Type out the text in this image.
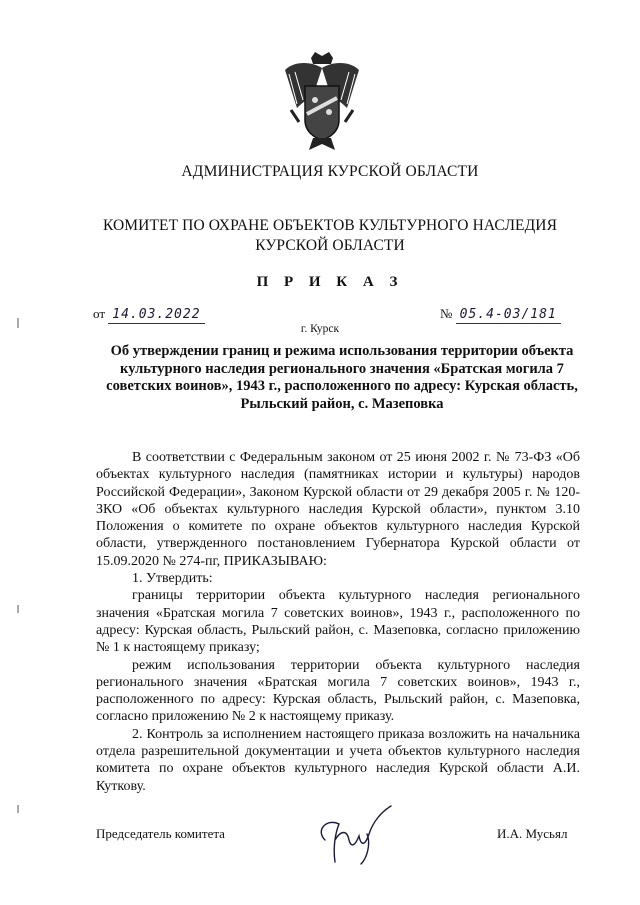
АДМИНИСТРАЦИЯ КУРСКОЙ ОБЛАСТИ
КОМИТЕТ ПО ОХРАНЕ ОБЪЕКТОВ КУЛЬТУРНОГО НАСЛЕДИЯ
КУРСКОЙ ОБЛАСТИ
П Р И К А З
от 14.03.2022	№ 05.4-03/181
г. Курск
Об утверждении границ и режима использования территории объекта культурного наследия регионального значения «Братская могила 7 советских воинов», 1943 г., расположенного по адресу: Курская область, Рыльский район, с. Мазеповка

В соответствии с Федеральным законом от 25 июня 2002 г. № 73-ФЗ «Об объектах культурного наследия (памятниках истории и культуры) народов Российской Федерации», Законом Курской области от 29 декабря 2005 г. № 120-ЗКО «Об объектах культурного наследия Курской области», пунктом 3.10 Положения о комитете по охране объектов культурного наследия Курской области, утвержденного постановлением Губернатора Курской области от 15.09.2020 № 274-пг, ПРИКАЗЫВАЮ:

1. Утвердить:

границы территории объекта культурного наследия регионального значения «Братская могила 7 советских воинов», 1943 г., расположенного по адресу: Курская область, Рыльский район, с. Мазеповка, согласно приложению № 1 к настоящему приказу;

режим использования территории объекта культурного наследия регионального значения «Братская могила 7 советских воинов», 1943 г., расположенного по адресу: Курская область, Рыльский район, с. Мазеповка, согласно приложению № 2 к настоящему приказу.

2. Контроль за исполнением настоящего приказа возложить на начальника отдела разрешительной документации и учета объектов культурного наследия комитета по охране объектов культурного наследия Курской области А.И. Куткову.

Председатель комитета	И.А. Мусьял
